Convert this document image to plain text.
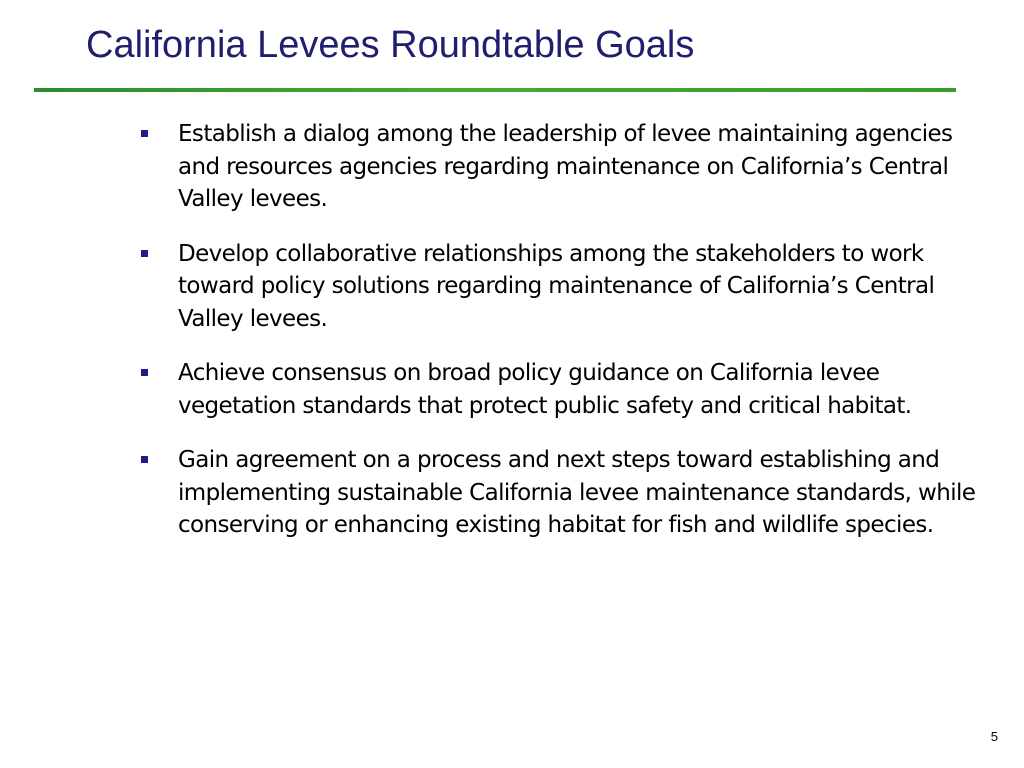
California Levees Roundtable Goals
Establish a dialog among the leadership of levee maintaining agencies and resources agencies regarding maintenance on California’s Central Valley levees.
Develop collaborative relationships among the stakeholders to work toward policy solutions regarding maintenance of California’s Central Valley levees.
Achieve consensus on broad policy guidance on California levee vegetation standards that protect public safety and critical habitat.
Gain agreement on a process and next steps toward establishing and implementing sustainable California levee maintenance standards, while conserving or enhancing existing habitat for fish and wildlife species.
5
